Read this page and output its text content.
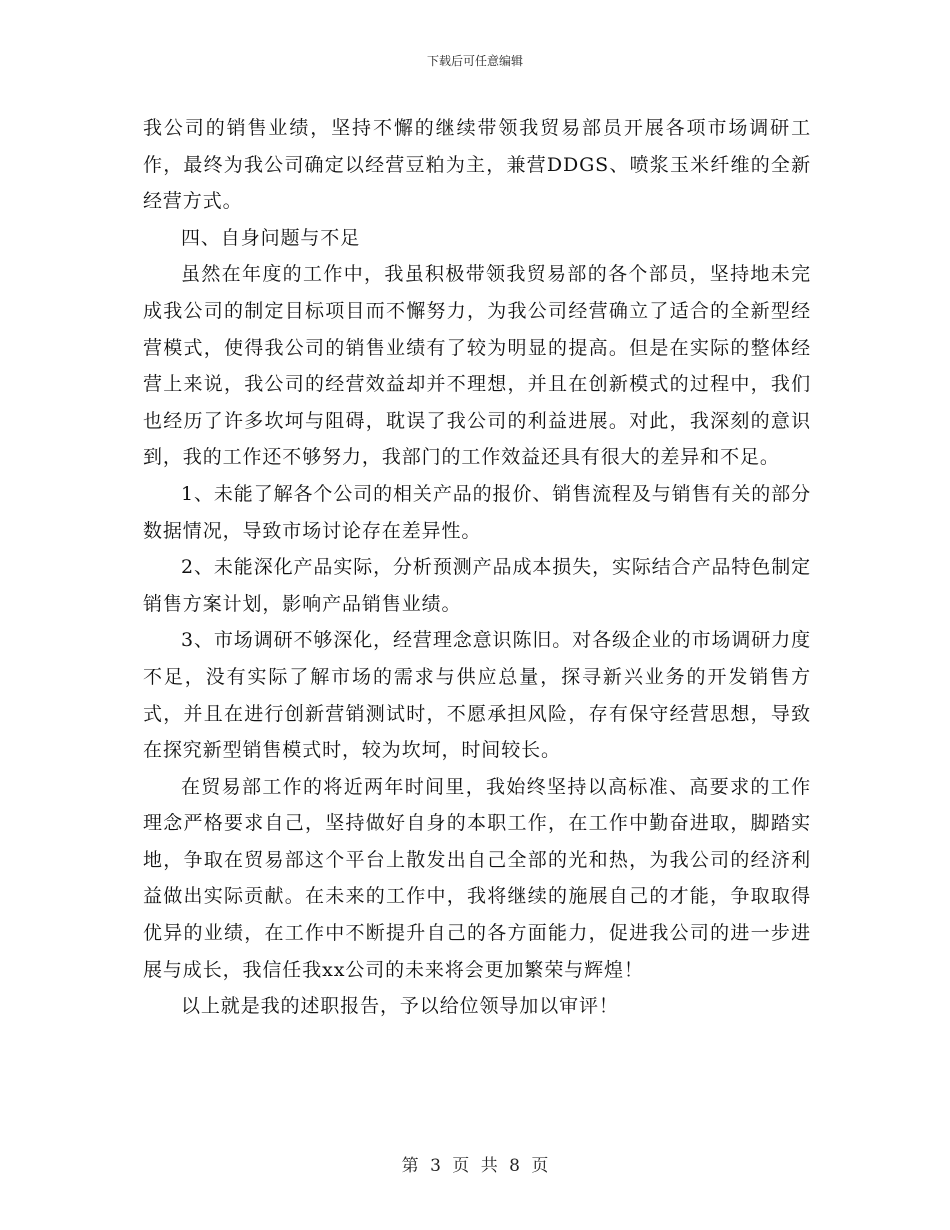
下载后可任意编辑

我公司的销售业绩，坚持不懈的继续带领我贸易部员开展各项市场调研工作，最终为我公司确定以经营豆粕为主，兼营DDGS、喷浆玉米纤维的全新经营方式。

四、自身问题与不足

虽然在年度的工作中，我虽积极带领我贸易部的各个部员，坚持地未完成我公司的制定目标项目而不懈努力，为我公司经营确立了适合的全新型经营模式，使得我公司的销售业绩有了较为明显的提高。但是在实际的整体经营上来说，我公司的经营效益却并不理想，并且在创新模式的过程中，我们也经历了许多坎坷与阻碍，耽误了我公司的利益进展。对此，我深刻的意识到，我的工作还不够努力，我部门的工作效益还具有很大的差异和不足。

1、未能了解各个公司的相关产品的报价、销售流程及与销售有关的部分数据情况，导致市场讨论存在差异性。

2、未能深化产品实际，分析预测产品成本损失，实际结合产品特色制定销售方案计划，影响产品销售业绩。

3、市场调研不够深化，经营理念意识陈旧。对各级企业的市场调研力度不足，没有实际了解市场的需求与供应总量，探寻新兴业务的开发销售方式，并且在进行创新营销测试时，不愿承担风险，存有保守经营思想，导致在探究新型销售模式时，较为坎坷，时间较长。

在贸易部工作的将近两年时间里，我始终坚持以高标准、高要求的工作理念严格要求自己，坚持做好自身的本职工作，在工作中勤奋进取，脚踏实地，争取在贸易部这个平台上散发出自己全部的光和热，为我公司的经济利益做出实际贡献。在未来的工作中，我将继续的施展自己的才能，争取取得优异的业绩，在工作中不断提升自己的各方面能力，促进我公司的进一步进展与成长，我信任我xx公司的未来将会更加繁荣与辉煌！

以上就是我的述职报告，予以给位领导加以审评！

第 3 页 共 8 页
